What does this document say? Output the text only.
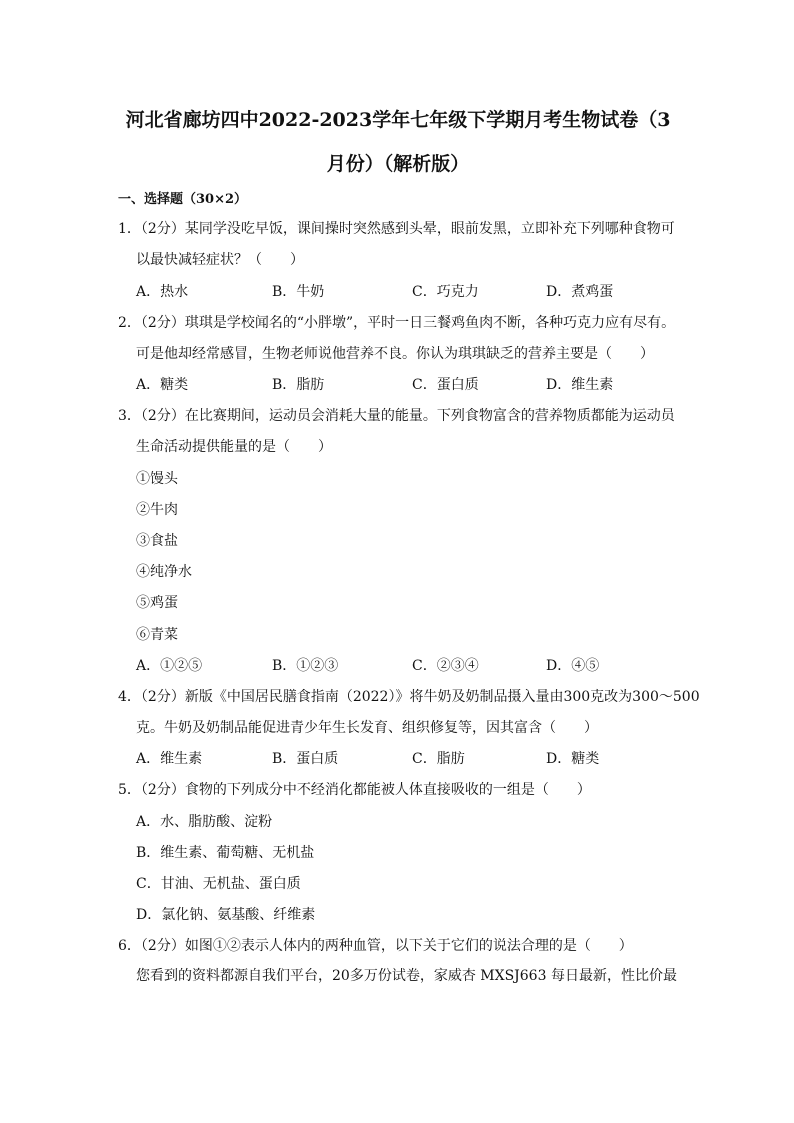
河北省廊坊四中2022-2023学年七年级下学期月考生物试卷（3
月份）（解析版）
一、选择题（30×2）
1．（2分）某同学没吃早饭，课间操时突然感到头晕，眼前发黑，立即补充下列哪种食物可
以最快减轻症状？（　　）
A．热水	B．牛奶	C．巧克力	D．煮鸡蛋
2．（2分）琪琪是学校闻名的“小胖墩”，平时一日三餐鸡鱼肉不断，各种巧克力应有尽有。
可是他却经常感冒，生物老师说他营养不良。你认为琪琪缺乏的营养主要是（　　）
A．糖类	B．脂肪	C．蛋白质	D．维生素
3．（2分）在比赛期间，运动员会消耗大量的能量。下列食物富含的营养物质都能为运动员
生命活动提供能量的是（　　）
①馒头
②牛肉
③食盐
④纯净水
⑤鸡蛋
⑥青菜
A．①②⑤	B．①②③	C．②③④	D．④⑤
4．（2分）新版《中国居民膳食指南（2022）》将牛奶及奶制品摄入量由300克改为300～500
克。牛奶及奶制品能促进青少年生长发育、组织修复等，因其富含（　　）
A．维生素	B．蛋白质	C．脂肪	D．糖类
5．（2分）食物的下列成分中不经消化都能被人体直接吸收的一组是（　　）
A．水、脂肪酸、淀粉
B．维生素、葡萄糖、无机盐
C．甘油、无机盐、蛋白质
D．氯化钠、氨基酸、纤维素
6．（2分）如图①②表示人体内的两种血管，以下关于它们的说法合理的是（　　）
您看到的资料都源自我们平台，20多万份试卷，家威杏 MXSJ663 每日最新，性比价最
